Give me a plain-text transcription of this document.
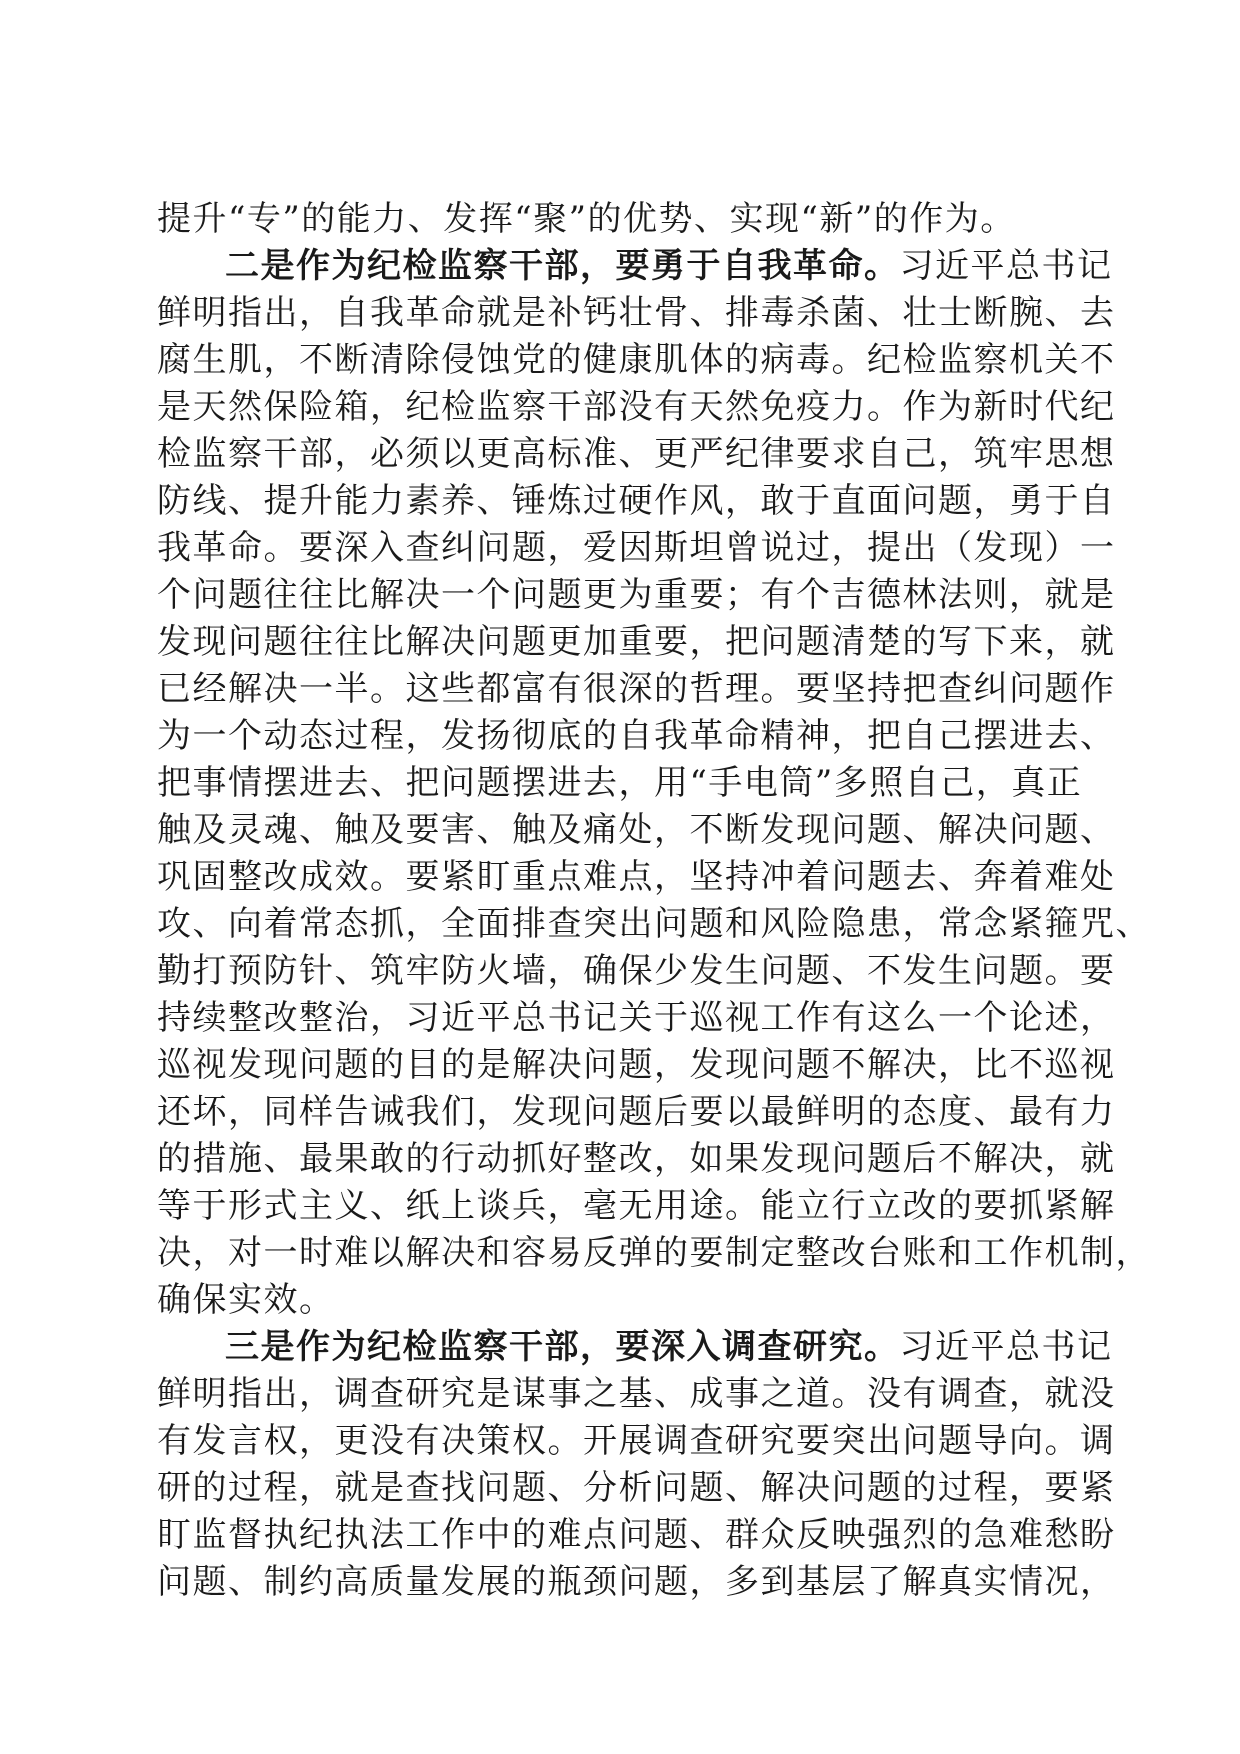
提升“专”的能力、发挥“聚”的优势、实现“新”的作为。
二是作为纪检监察干部，要勇于自我革命。习近平总书记
鲜明指出，自我革命就是补钙壮骨、排毒杀菌、壮士断腕、去
腐生肌，不断清除侵蚀党的健康肌体的病毒。纪检监察机关不
是天然保险箱，纪检监察干部没有天然免疫力。作为新时代纪
检监察干部，必须以更高标准、更严纪律要求自己，筑牢思想
防线、提升能力素养、锤炼过硬作风，敢于直面问题，勇于自
我革命。要深入查纠问题，爱因斯坦曾说过，提出（发现）一
个问题往往比解决一个问题更为重要；有个吉德林法则，就是
发现问题往往比解决问题更加重要，把问题清楚的写下来，就
已经解决一半。这些都富有很深的哲理。要坚持把查纠问题作
为一个动态过程，发扬彻底的自我革命精神，把自己摆进去、
把事情摆进去、把问题摆进去，用“手电筒”多照自己，真正
触及灵魂、触及要害、触及痛处，不断发现问题、解决问题、
巩固整改成效。要紧盯重点难点，坚持冲着问题去、奔着难处
攻、向着常态抓，全面排查突出问题和风险隐患，常念紧箍咒、
勤打预防针、筑牢防火墙，确保少发生问题、不发生问题。要
持续整改整治，习近平总书记关于巡视工作有这么一个论述，
巡视发现问题的目的是解决问题，发现问题不解决，比不巡视
还坏，同样告诫我们，发现问题后要以最鲜明的态度、最有力
的措施、最果敢的行动抓好整改，如果发现问题后不解决，就
等于形式主义、纸上谈兵，毫无用途。能立行立改的要抓紧解
决，对一时难以解决和容易反弹的要制定整改台账和工作机制，
确保实效。
三是作为纪检监察干部，要深入调查研究。习近平总书记
鲜明指出，调查研究是谋事之基、成事之道。没有调查，就没
有发言权，更没有决策权。开展调查研究要突出问题导向。调
研的过程，就是查找问题、分析问题、解决问题的过程，要紧
盯监督执纪执法工作中的难点问题、群众反映强烈的急难愁盼
问题、制约高质量发展的瓶颈问题，多到基层了解真实情况，
